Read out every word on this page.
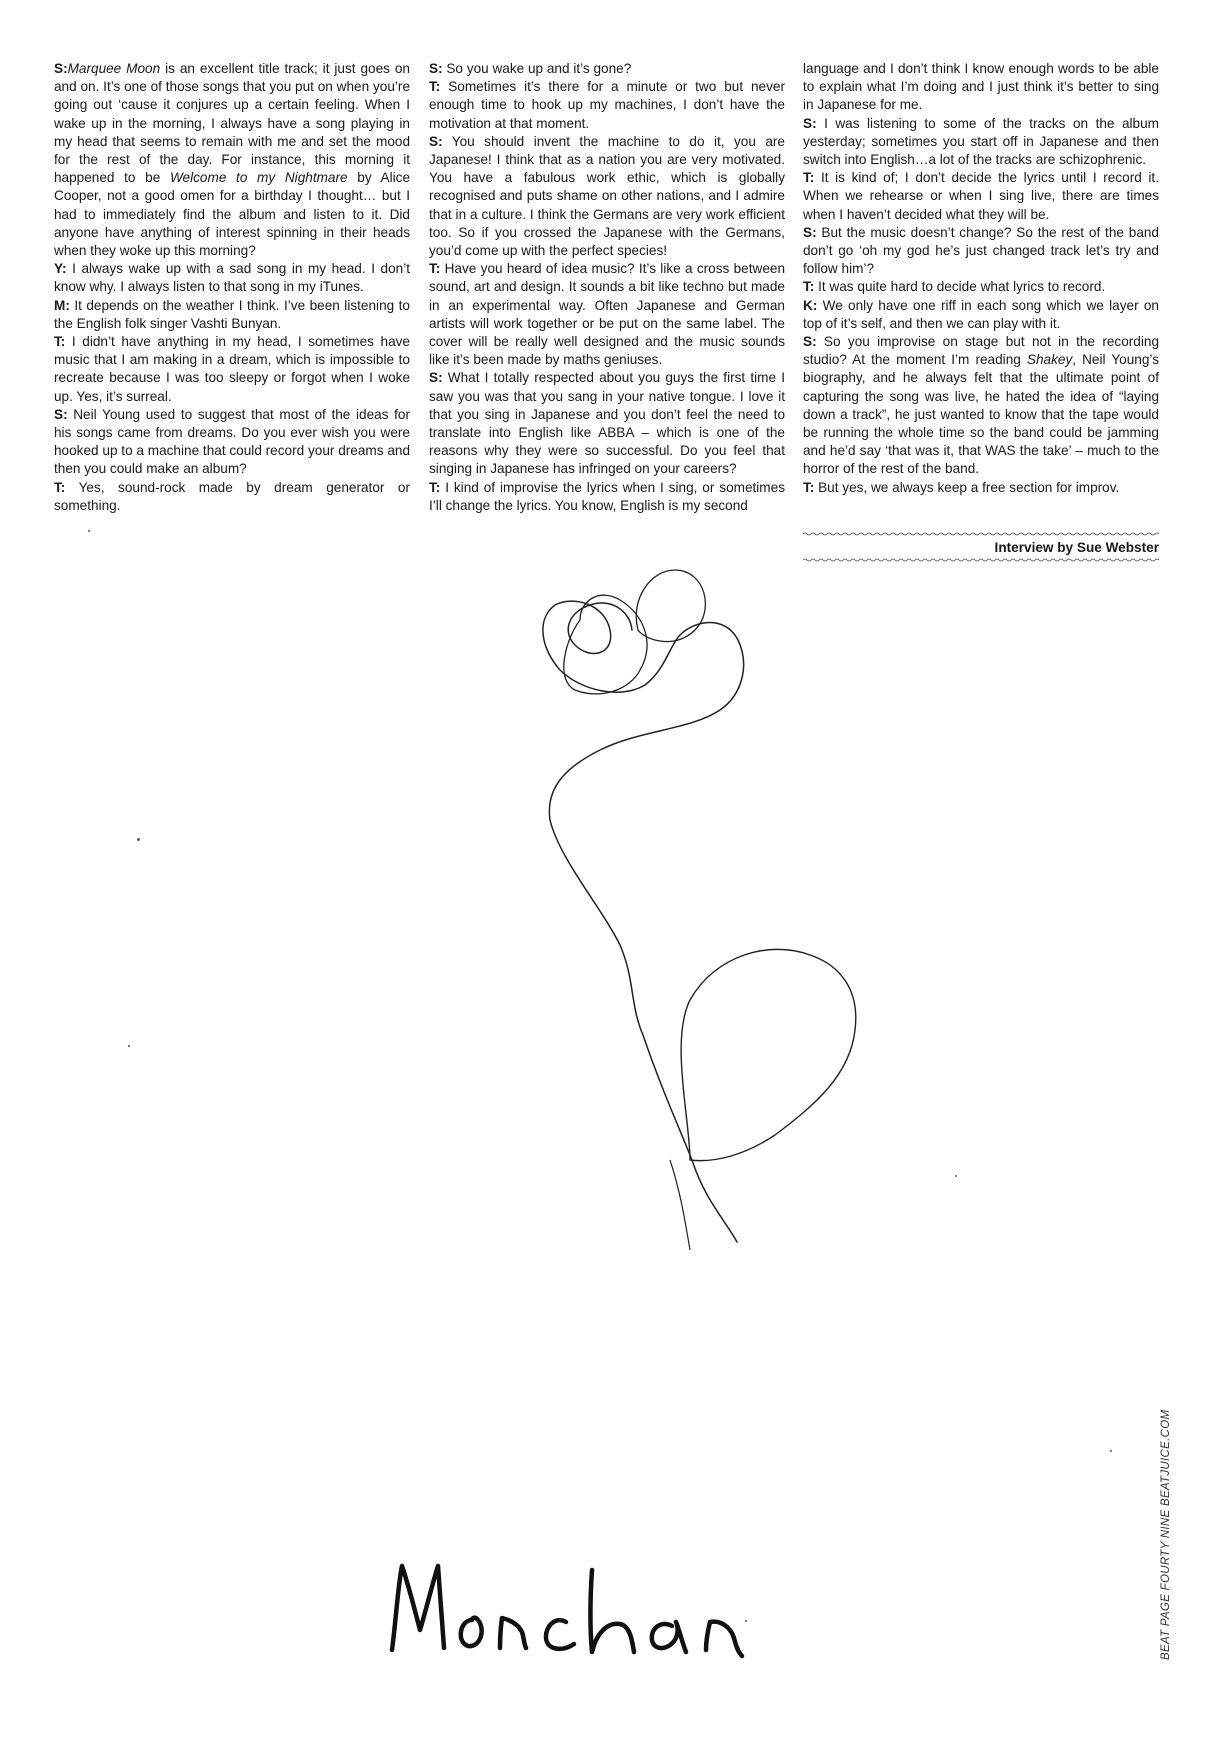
S:Marquee Moon is an excellent title track; it just goes on and on. It’s one of those songs that you put on when you’re going out ‘cause it conjures up a certain feeling. When I wake up in the morning, I always have a song playing in my head that seems to remain with me and set the mood for the rest of the day. For instance, this morning it happened to be Welcome to my Nightmare by Alice Cooper, not a good omen for a birthday I thought… but I had to immediately find the album and listen to it. Did anyone have anything of interest spinning in their heads when they woke up this morning?

Y: I always wake up with a sad song in my head. I don’t know why. I always listen to that song in my iTunes.

M: It depends on the weather I think. I’ve been listening to the English folk singer Vashti Bunyan.

T: I didn’t have anything in my head, I sometimes have music that I am making in a dream, which is impossible to recreate because I was too sleepy or forgot when I woke up. Yes, it’s surreal.

S: Neil Young used to suggest that most of the ideas for his songs came from dreams. Do you ever wish you were hooked up to a machine that could record your dreams and then you could make an album?

T: Yes, sound-rock made by dream generator or something.

S: So you wake up and it’s gone?

T: Sometimes it’s there for a minute or two but never enough time to hook up my machines, I don’t have the motivation at that moment.

S: You should invent the machine to do it, you are Japanese! I think that as a nation you are very motivated. You have a fabulous work ethic, which is globally recognised and puts shame on other nations, and I admire that in a culture. I think the Germans are very work efficient too. So if you crossed the Japanese with the Germans, you’d come up with the perfect species!

T: Have you heard of idea music? It’s like a cross between sound, art and design. It sounds a bit like techno but made in an experimental way. Often Japanese and German artists will work together or be put on the same label. The cover will be really well designed and the music sounds like it’s been made by maths geniuses.

S: What I totally respected about you guys the first time I saw you was that you sang in your native tongue. I love it that you sing in Japanese and you don’t feel the need to translate into English like ABBA – which is one of the reasons why they were so successful. Do you feel that singing in Japanese has infringed on your careers?

T: I kind of improvise the lyrics when I sing, or sometimes I’ll change the lyrics. You know, English is my second

language and I don’t think I know enough words to be able to explain what I’m doing and I just think it’s better to sing in Japanese for me.

S: I was listening to some of the tracks on the album yesterday; sometimes you start off in Japanese and then switch into English…a lot of the tracks are schizophrenic.

T: It is kind of; I don’t decide the lyrics until I record it. When we rehearse or when I sing live, there are times when I haven’t decided what they will be.

S: But the music doesn’t change? So the rest of the band don’t go ‘oh my god he’s just changed track let’s try and follow him’?

T: It was quite hard to decide what lyrics to record.

K: We only have one riff in each song which we layer on top of it’s self, and then we can play with it.

S: So you improvise on stage but not in the recording studio? At the moment I’m reading Shakey, Neil Young’s biography, and he always felt that the ultimate point of capturing the song was live, he hated the idea of “laying down a track”, he just wanted to know that the tape would be running the whole time so the band could be jamming and he’d say ‘that was it, that WAS the take’ – much to the horror of the rest of the band.

T: But yes, we always keep a free section for improv.

Interview by Sue Webster
BEAT PAGE FOURTY NINE BEATJUICE.COM
